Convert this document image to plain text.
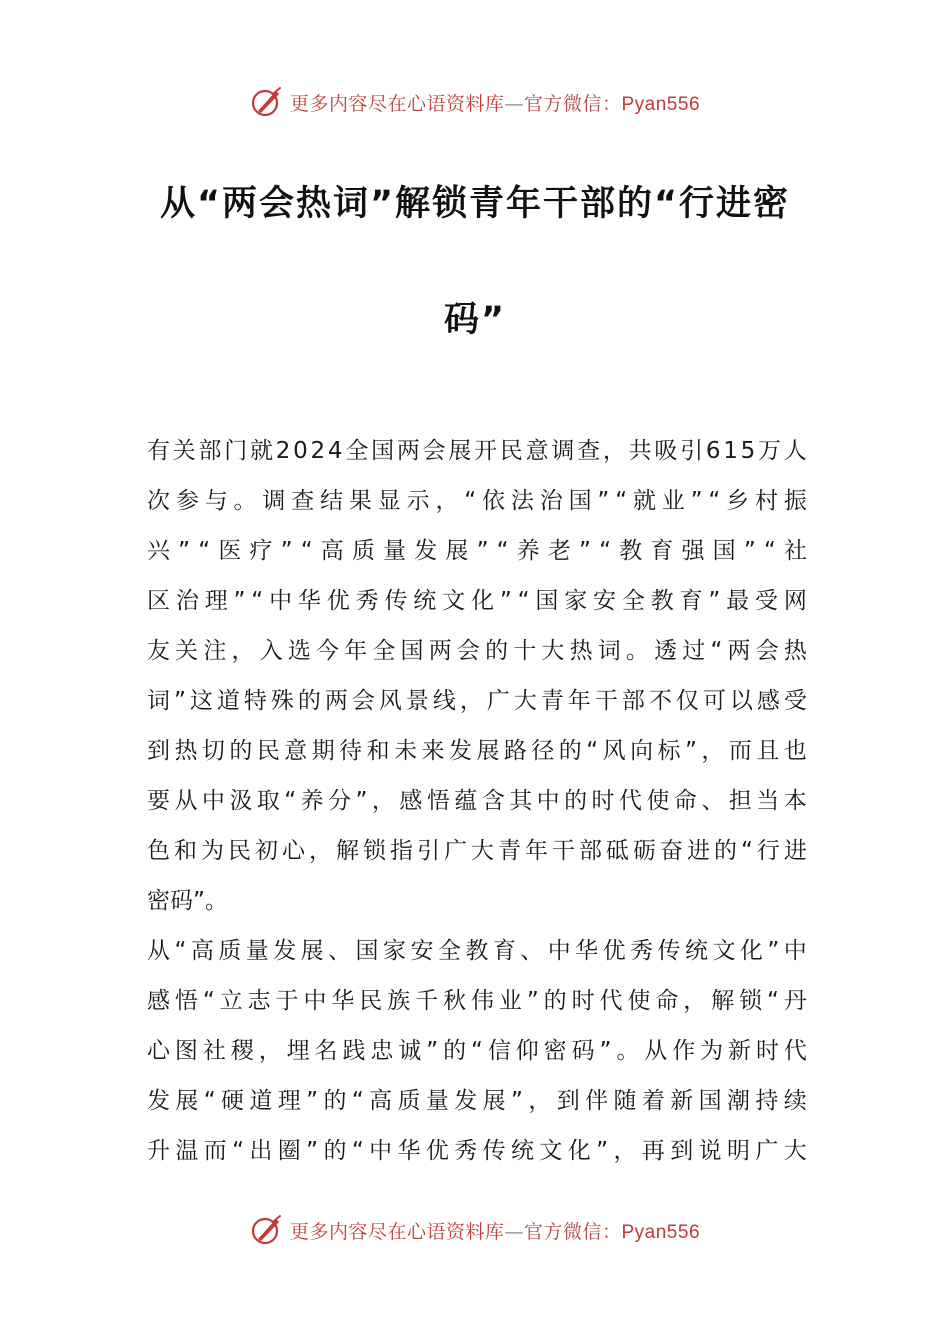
更多内容尽在心语资料库—官方微信：Pyan556
从“两会热词”解锁青年干部的“行进密
码”
有 关 部 门 就 2 0 2 4 全 国 两 会 展 开 民 意 调 查 ， 共 吸 引 6 1 5 万 人
次 参 与 。 调 查 结 果 显 示 ， “ 依 法 治 国 ” “ 就 业 ” “ 乡 村 振
兴 ” “ 医 疗 ” “ 高 质 量 发 展 ” “ 养 老 ” “ 教 育 强 国 ” “ 社
区 治 理 ” “ 中 华 优 秀 传 统 文 化 ” “ 国 家 安 全 教 育 ” 最 受 网
友 关 注 ， 入 选 今 年 全 国 两 会 的 十 大 热 词 。 透 过 “ 两 会 热
词 ” 这 道 特 殊 的 两 会 风 景 线 ， 广 大 青 年 干 部 不 仅 可 以 感 受
到 热 切 的 民 意 期 待 和 未 来 发 展 路 径 的 “ 风 向 标 ” ， 而 且 也
要 从 中 汲 取 “ 养 分 ” ， 感 悟 蕴 含 其 中 的 时 代 使 命 、 担 当 本
色 和 为 民 初 心 ， 解 锁 指 引 广 大 青 年 干 部 砥 砺 奋 进 的 “ 行 进
密码”。
从 “ 高 质 量 发 展 、 国 家 安 全 教 育 、 中 华 优 秀 传 统 文 化 ” 中
感 悟 “ 立 志 于 中 华 民 族 千 秋 伟 业 ” 的 时 代 使 命 ， 解 锁 “ 丹
心 图 社 稷 ， 埋 名 践 忠 诚 ” 的 “ 信 仰 密 码 ” 。 从 作 为 新 时 代
发 展 “ 硬 道 理 ” 的 “ 高 质 量 发 展 ” ， 到 伴 随 着 新 国 潮 持 续
升 温 而 “ 出 圈 ” 的 “ 中 华 优 秀 传 统 文 化 ” ， 再 到 说 明 广 大
更多内容尽在心语资料库—官方微信：Pyan556
